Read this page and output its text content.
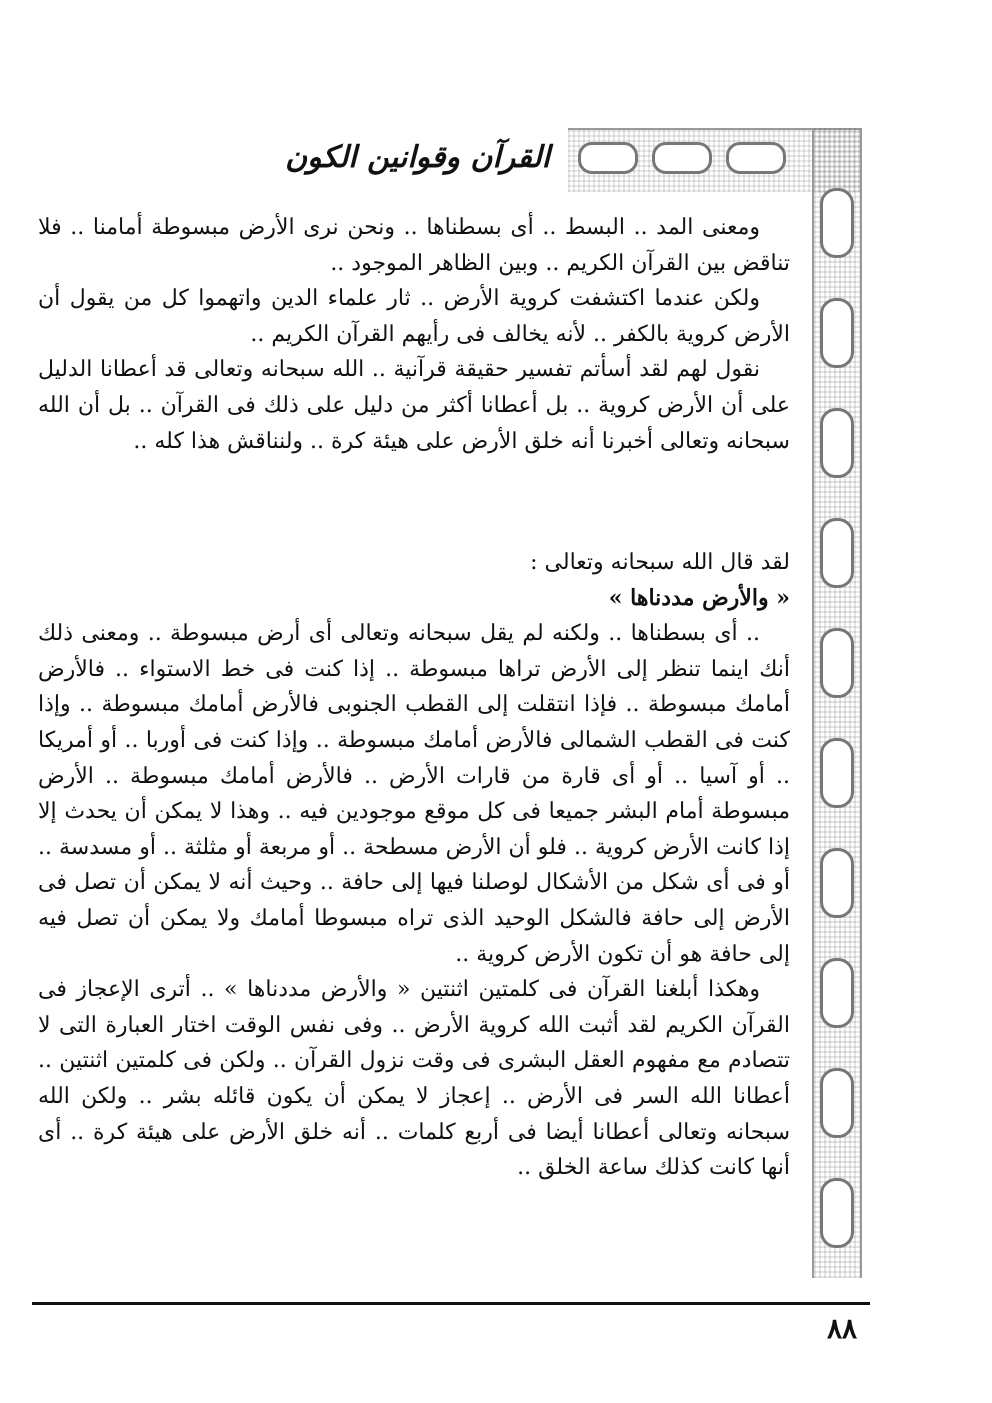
القرآن وقوانين الكون

ومعنى المد .. البسط .. أى بسطناها .. ونحن نرى الأرض مبسوطة أمامنا .. فلا تناقض بين القرآن الكريم .. وبين الظاهر الموجود ..

ولكن عندما اكتشفت كروية الأرض .. ثار علماء الدين واتهموا كل من يقول أن الأرض كروية بالكفر .. لأنه يخالف فى رأيهم القرآن الكريم ..

نقول لهم لقد أسأتم تفسير حقيقة قرآنية .. الله سبحانه وتعالى قد أعطانا الدليل على أن الأرض كروية .. بل أعطانا أكثر من دليل على ذلك فى القرآن .. بل أن الله سبحانه وتعالى أخبرنا أنه خلق الأرض على هيئة كرة .. ولنناقش هذا كله ..

لقد قال الله سبحانه وتعالى :

« والأرض مددناها »

.. أى بسطناها .. ولكنه لم يقل سبحانه وتعالى أى أرض مبسوطة .. ومعنى ذلك أنك اينما تنظر إلى الأرض تراها مبسوطة .. إذا كنت فى خط الاستواء .. فالأرض أمامك مبسوطة .. فإذا انتقلت إلى القطب الجنوبى فالأرض أمامك مبسوطة .. وإذا كنت فى القطب الشمالى فالأرض أمامك مبسوطة .. وإذا كنت فى أوربا .. أو أمريكا .. أو آسيا .. أو أى قارة من قارات الأرض .. فالأرض أمامك مبسوطة .. الأرض مبسوطة أمام البشر جميعا فى كل موقع موجودين فيه .. وهذا لا يمكن أن يحدث إلا إذا كانت الأرض كروية .. فلو أن الأرض مسطحة .. أو مربعة أو مثلثة .. أو مسدسة .. أو فى أى شكل من الأشكال لوصلنا فيها إلى حافة .. وحيث أنه لا يمكن أن تصل فى الأرض إلى حافة فالشكل الوحيد الذى تراه مبسوطا أمامك ولا يمكن أن تصل فيه إلى حافة هو أن تكون الأرض كروية ..

وهكذا أبلغنا القرآن فى كلمتين اثنتين « والأرض مددناها » .. أترى الإعجاز فى القرآن الكريم لقد أثبت الله كروية الأرض .. وفى نفس الوقت اختار العبارة التى لا تتصادم مع مفهوم العقل البشرى فى وقت نزول القرآن .. ولكن فى كلمتين اثنتين .. أعطانا الله السر فى الأرض .. إعجاز لا يمكن أن يكون قائله بشر .. ولكن الله سبحانه وتعالى أعطانا أيضا فى أربع كلمات .. أنه خلق الأرض على هيئة كرة .. أى أنها كانت كذلك ساعة الخلق ..

٨٨
